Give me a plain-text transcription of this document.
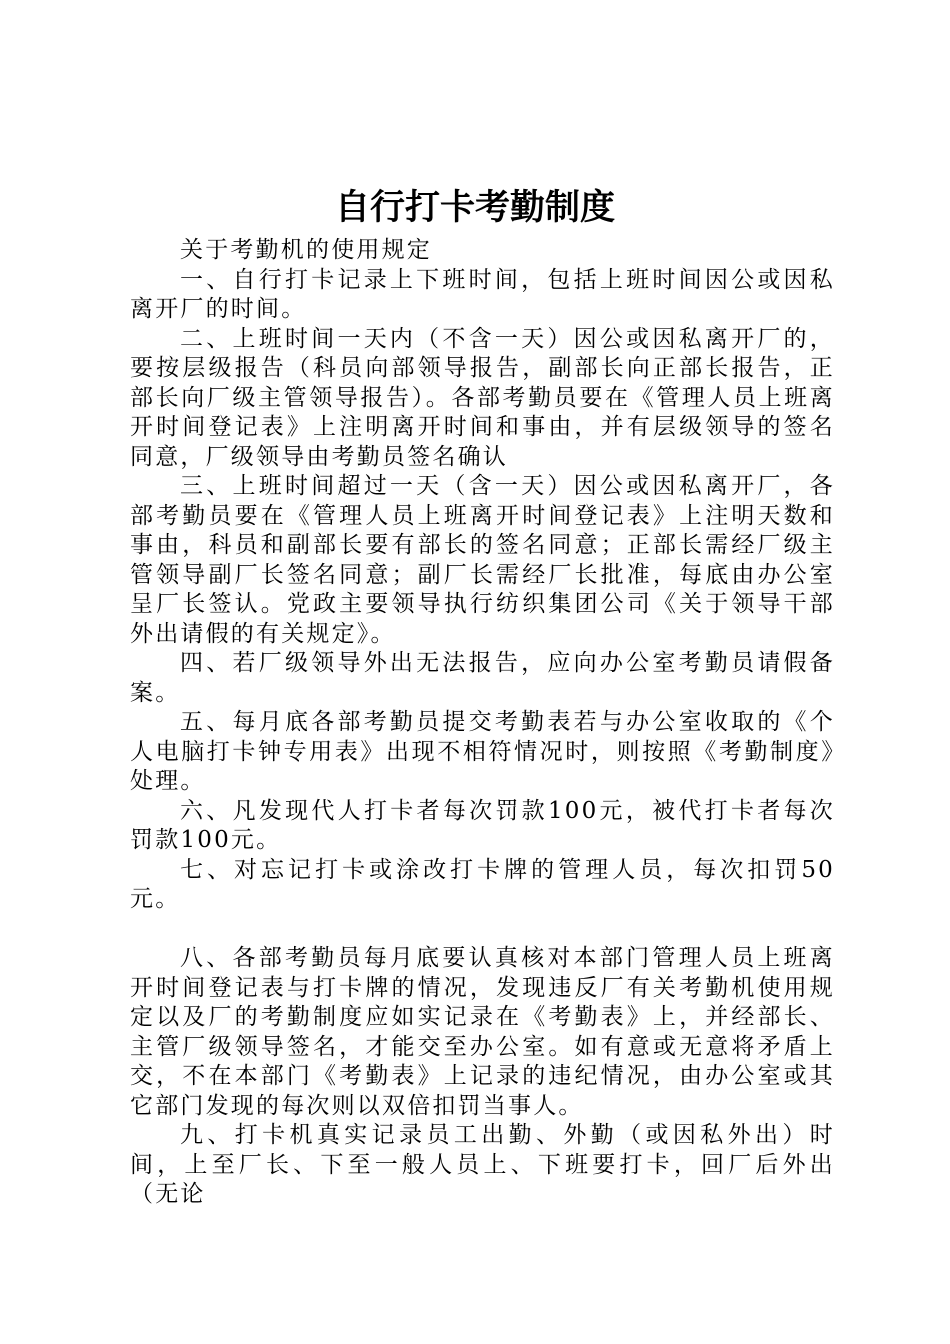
自行打卡考勤制度

关于考勤机的使用规定

一、自行打卡记录上下班时间，包括上班时间因公或因私离开厂的时间。

二、上班时间一天内（不含一天）因公或因私离开厂的，要按层级报告（科员向部领导报告，副部长向正部长报告，正部长向厂级主管领导报告）。各部考勤员要在《管理人员上班离开时间登记表》上注明离开时间和事由，并有层级领导的签名同意，厂级领导由考勤员签名确认

三、上班时间超过一天（含一天）因公或因私离开厂，各部考勤员要在《管理人员上班离开时间登记表》上注明天数和事由，科员和副部长要有部长的签名同意；正部长需经厂级主管领导副厂长签名同意；副厂长需经厂长批准，每底由办公室呈厂长签认。党政主要领导执行纺织集团公司《关于领导干部外出请假的有关规定》。

四、若厂级领导外出无法报告，应向办公室考勤员请假备案。

五、每月底各部考勤员提交考勤表若与办公室收取的《个人电脑打卡钟专用表》出现不相符情况时，则按照《考勤制度》处理。

六、凡发现代人打卡者每次罚款100元，被代打卡者每次罚款100元。

七、对忘记打卡或涂改打卡牌的管理人员，每次扣罚50元。

八、各部考勤员每月底要认真核对本部门管理人员上班离开时间登记表与打卡牌的情况，发现违反厂有关考勤机使用规定以及厂的考勤制度应如实记录在《考勤表》上，并经部长、主管厂级领导签名，才能交至办公室。如有意或无意将矛盾上交，不在本部门《考勤表》上记录的违纪情况，由办公室或其它部门发现的每次则以双倍扣罚当事人。

九、打卡机真实记录员工出勤、外勤（或因私外出）时间，上至厂长、下至一般人员上、下班要打卡，回厂后外出（无论
